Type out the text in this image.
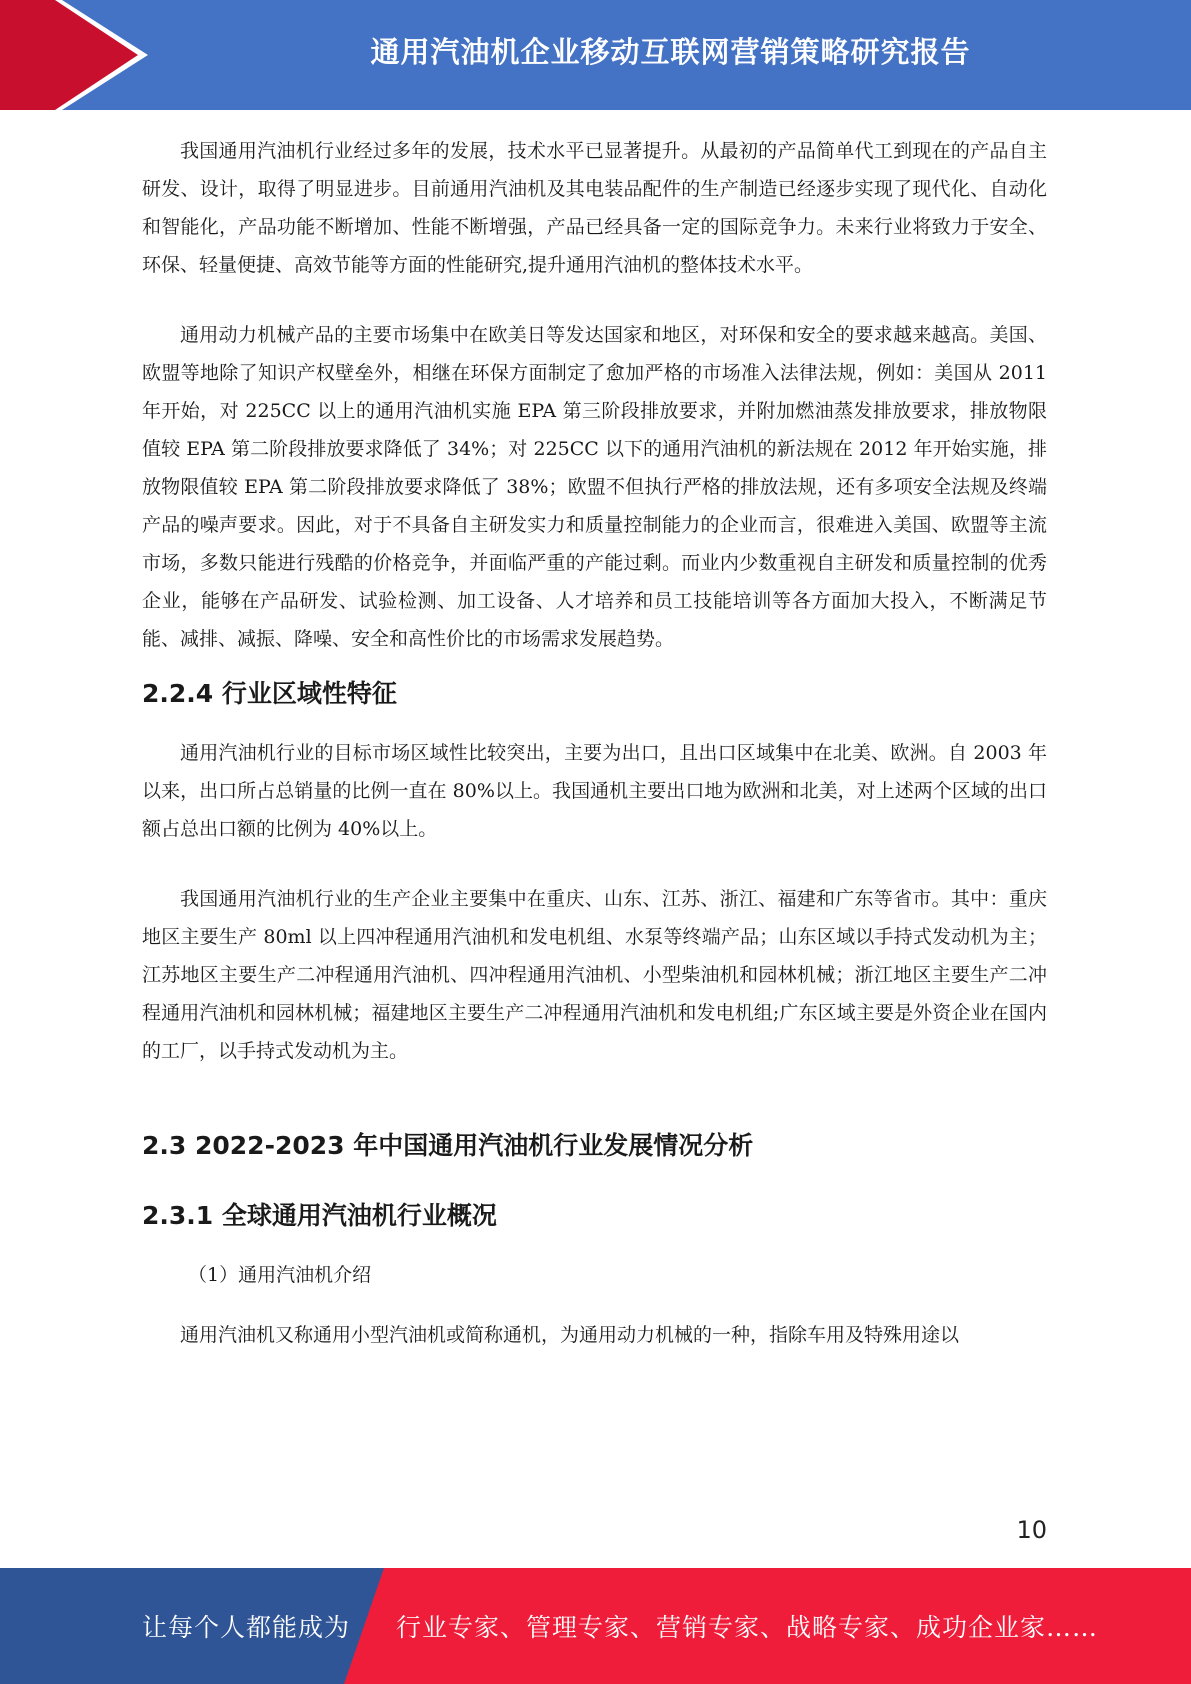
通用汽油机企业移动互联网营销策略研究报告

我国通用汽油机行业经过多年的发展，技术水平已显著提升。从最初的产品简单代工到现在的产品自主研发、设计，取得了明显进步。目前通用汽油机及其电装品配件的生产制造已经逐步实现了现代化、自动化和智能化，产品功能不断增加、性能不断增强，产品已经具备一定的国际竞争力。未来行业将致力于安全、环保、轻量便捷、高效节能等方面的性能研究,提升通用汽油机的整体技术水平。

通用动力机械产品的主要市场集中在欧美日等发达国家和地区，对环保和安全的要求越来越高。美国、欧盟等地除了知识产权壁垒外，相继在环保方面制定了愈加严格的市场准入法律法规，例如：美国从 2011 年开始，对 225CC 以上的通用汽油机实施 EPA 第三阶段排放要求，并附加燃油蒸发排放要求，排放物限值较 EPA 第二阶段排放要求降低了 34%；对 225CC 以下的通用汽油机的新法规在 2012 年开始实施，排放物限值较 EPA 第二阶段排放要求降低了 38%；欧盟不但执行严格的排放法规，还有多项安全法规及终端产品的噪声要求。因此，对于不具备自主研发实力和质量控制能力的企业而言，很难进入美国、欧盟等主流市场，多数只能进行残酷的价格竞争，并面临严重的产能过剩。而业内少数重视自主研发和质量控制的优秀企业，能够在产品研发、试验检测、加工设备、人才培养和员工技能培训等各方面加大投入，不断满足节能、减排、减振、降噪、安全和高性价比的市场需求发展趋势。

2.2.4 行业区域性特征

通用汽油机行业的目标市场区域性比较突出，主要为出口，且出口区域集中在北美、欧洲。自 2003 年以来，出口所占总销量的比例一直在 80%以上。我国通机主要出口地为欧洲和北美，对上述两个区域的出口额占总出口额的比例为 40%以上。

我国通用汽油机行业的生产企业主要集中在重庆、山东、江苏、浙江、福建和广东等省市。其中：重庆地区主要生产 80ml 以上四冲程通用汽油机和发电机组、水泵等终端产品；山东区域以手持式发动机为主；江苏地区主要生产二冲程通用汽油机、四冲程通用汽油机、小型柴油机和园林机械；浙江地区主要生产二冲程通用汽油机和园林机械；福建地区主要生产二冲程通用汽油机和发电机组;广东区域主要是外资企业在国内的工厂，以手持式发动机为主。

2.3 2022-2023 年中国通用汽油机行业发展情况分析
2.3.1 全球通用汽油机行业概况
（1）通用汽油机介绍

通用汽油机又称通用小型汽油机或简称通机，为通用动力机械的一种，指除车用及特殊用途以

10
让每个人都能成为 行业专家、管理专家、营销专家、战略专家、成功企业家……
